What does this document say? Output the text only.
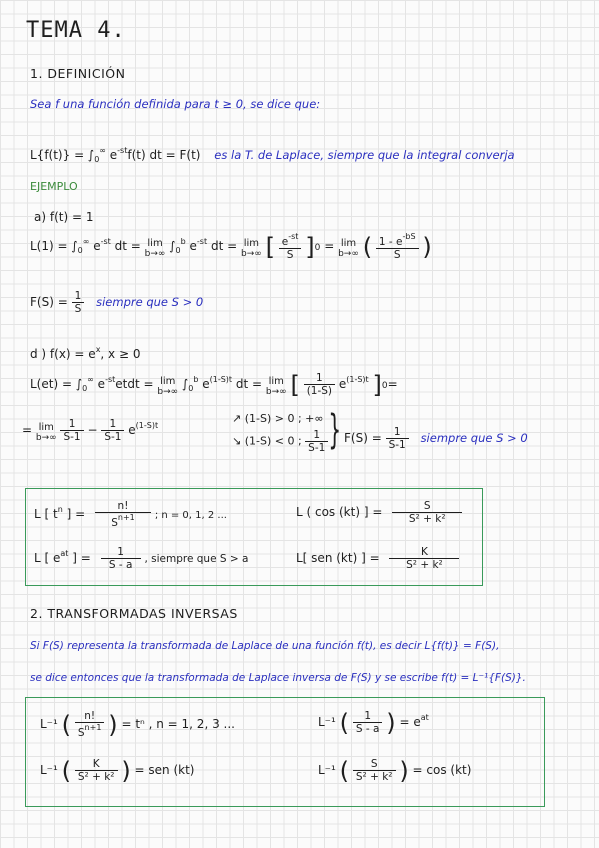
TEMA 4.
1. DEFINICIÓN
Sea f una función definida para t ≥ 0, se dice que:
$L\{f(t)\} = \int_0^\infty$ $e^{-st}f(t)$ dt = F(t) es la T. de Laplace, siempre que la integral converja
EJEMPLO
a) f(t) = 1
$L(1) = \int_0^\infty$ $e^{-st}$ dt = lim
b→∞
$\int_0^b$ $e^{-st}$ dt = lim
b→∞ [ $\frac{e^{-st}}{S} ]0 = \lim$
b→∞ ( $\frac{1 - e^{-bS}}{S}$ )
$F(S) = \frac{1}{S}$ siempre que S > 0
d ) $f(x) = e^x$, x ≥ 0
$L(et) = \int_0^\infty$ $e^{-st}etdt = \lim$
b→∞
$\int_0^b$ $e^{(1-S)t}$ dt = lim
b→∞ [ $\frac{1}{(1-S)} e^{(1-S)t}$ ]0=
= lim
b→∞
$\frac{1}{S-1} - \frac{1}{S-1} e^{(1-S)t}$
↗ (1-S) > 0 ; +∞
↘ (1-S) < 0 ; $\frac{1}{S-1}$ } $F(S) = \frac{1}{S-1}$ siempre que S > 0
L [ $t^n$ ] = $\frac{n!}{S^{n+1}}$ ; n = 0, 1, 2 ...	L ( cos (kt) ] = $\frac{S}{\text{S² + k²}}$
L [ $e^{at}$ ] = $\frac{1}{S - a}$ , siempre que S > a	L[ sen (kt) ] = $\frac{K}{\text{S² + k²}}$
2. TRANSFORMADAS INVERSAS
Si F(S) representa la transformada de Laplace de una función f(t), es decir L{f(t)} = F(S),
se dice entonces que la transformada de Laplace inversa de F(S) y se escribe f(t) = L⁻¹{F(S)}.
L⁻¹ ( $\frac{n!}{S^{n+1}}$ ) = tⁿ , n = 1, 2, 3 ...	L⁻¹ ( $\frac{1}{S - a}$ ) = $e^{at}$
L⁻¹ ( $\frac{K}{\text{S² + k²}}$ ) = sen (kt)	L⁻¹ ( $\frac{S}{\text{S² + k²}}$ ) = cos (kt)
